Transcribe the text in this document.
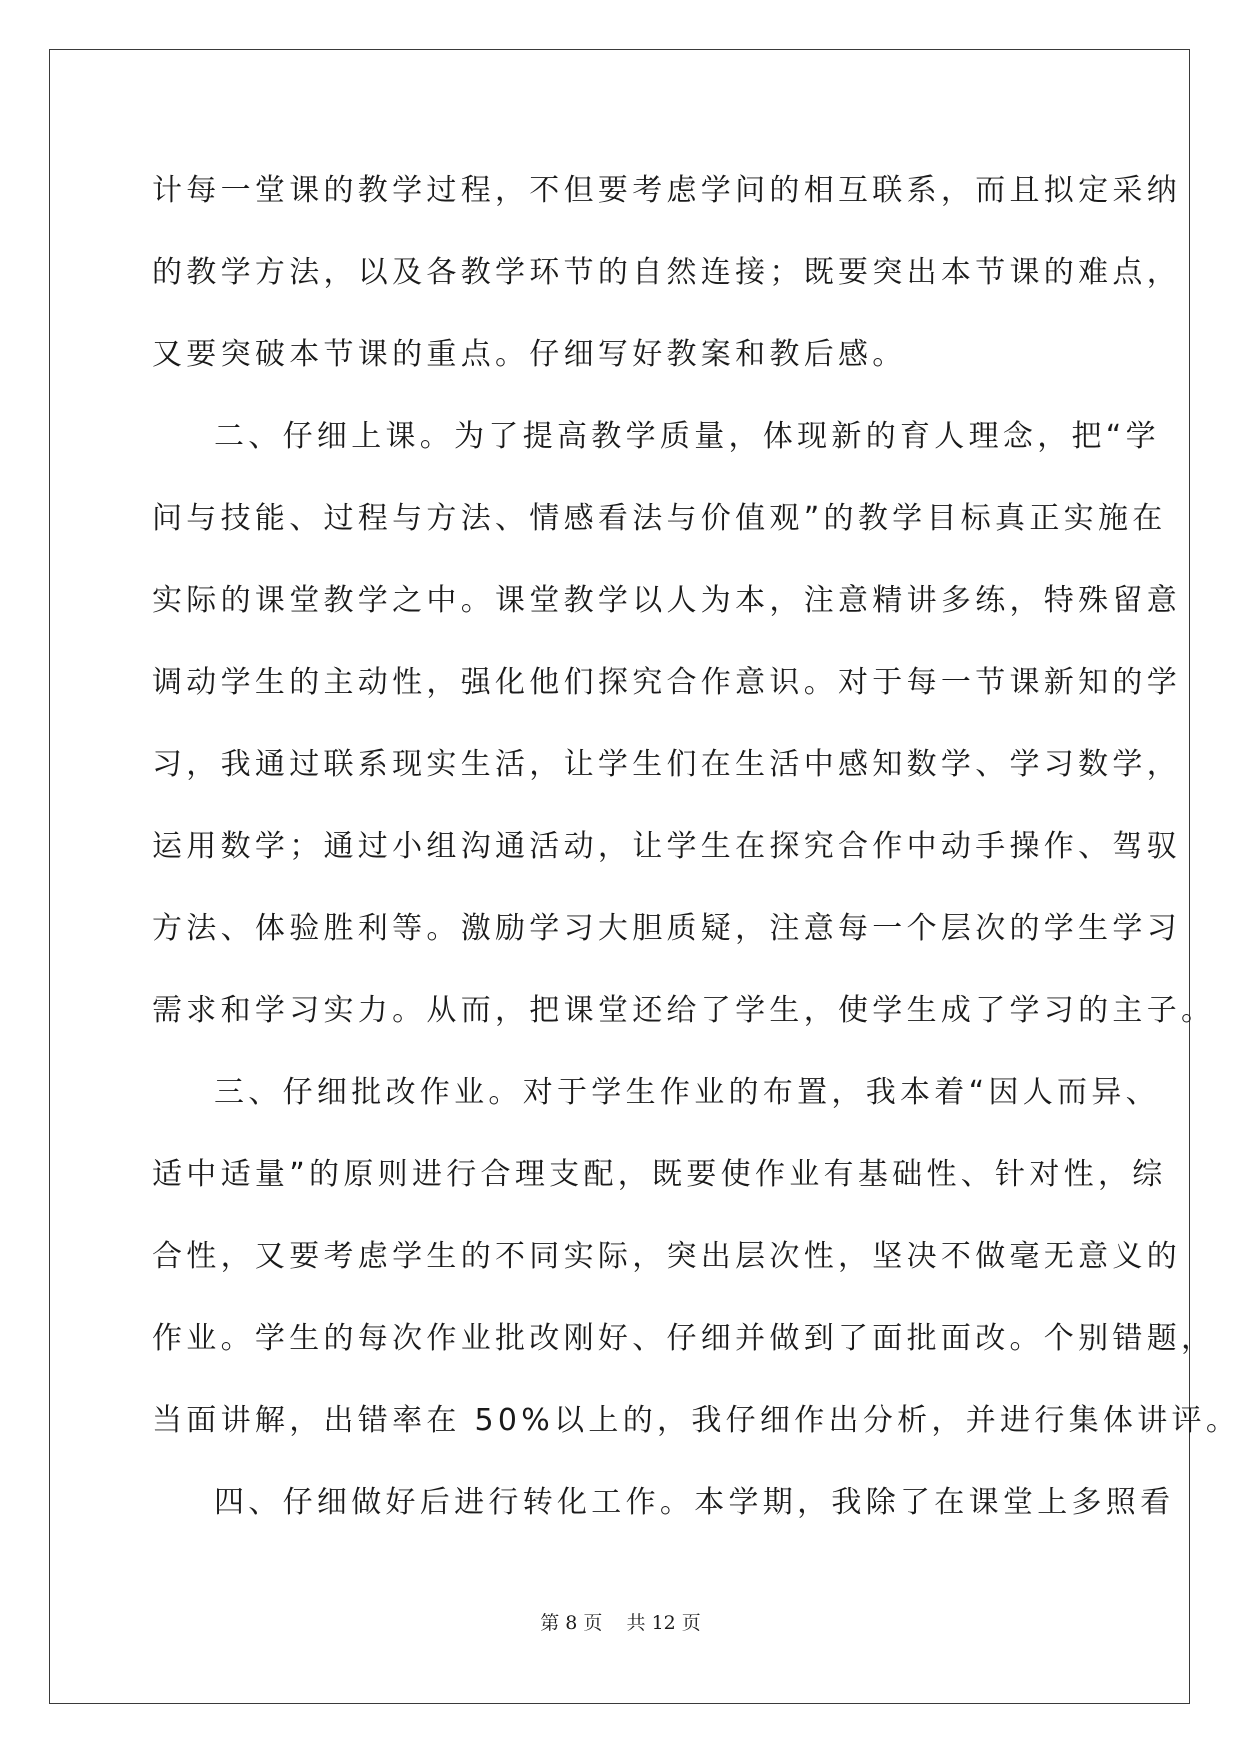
计每一堂课的教学过程，不但要考虑学问的相互联系，而且拟定采纳
的教学方法，以及各教学环节的自然连接；既要突出本节课的难点，
又要突破本节课的重点。仔细写好教案和教后感。
二、仔细上课。为了提高教学质量，体现新的育人理念，把“学
问与技能、过程与方法、情感看法与价值观”的教学目标真正实施在
实际的课堂教学之中。课堂教学以人为本，注意精讲多练，特殊留意
调动学生的主动性，强化他们探究合作意识。对于每一节课新知的学
习，我通过联系现实生活，让学生们在生活中感知数学、学习数学，
运用数学；通过小组沟通活动，让学生在探究合作中动手操作、驾驭
方法、体验胜利等。激励学习大胆质疑，注意每一个层次的学生学习
需求和学习实力。从而，把课堂还给了学生，使学生成了学习的主子。
三、仔细批改作业。对于学生作业的布置，我本着“因人而异、
适中适量”的原则进行合理支配，既要使作业有基础性、针对性，综
合性，又要考虑学生的不同实际，突出层次性，坚决不做毫无意义的
作业。学生的每次作业批改刚好、仔细并做到了面批面改。个别错题，
当面讲解，出错率在 50%以上的，我仔细作出分析，并进行集体讲评。
四、仔细做好后进行转化工作。本学期，我除了在课堂上多照看
第 8 页    共 12 页
